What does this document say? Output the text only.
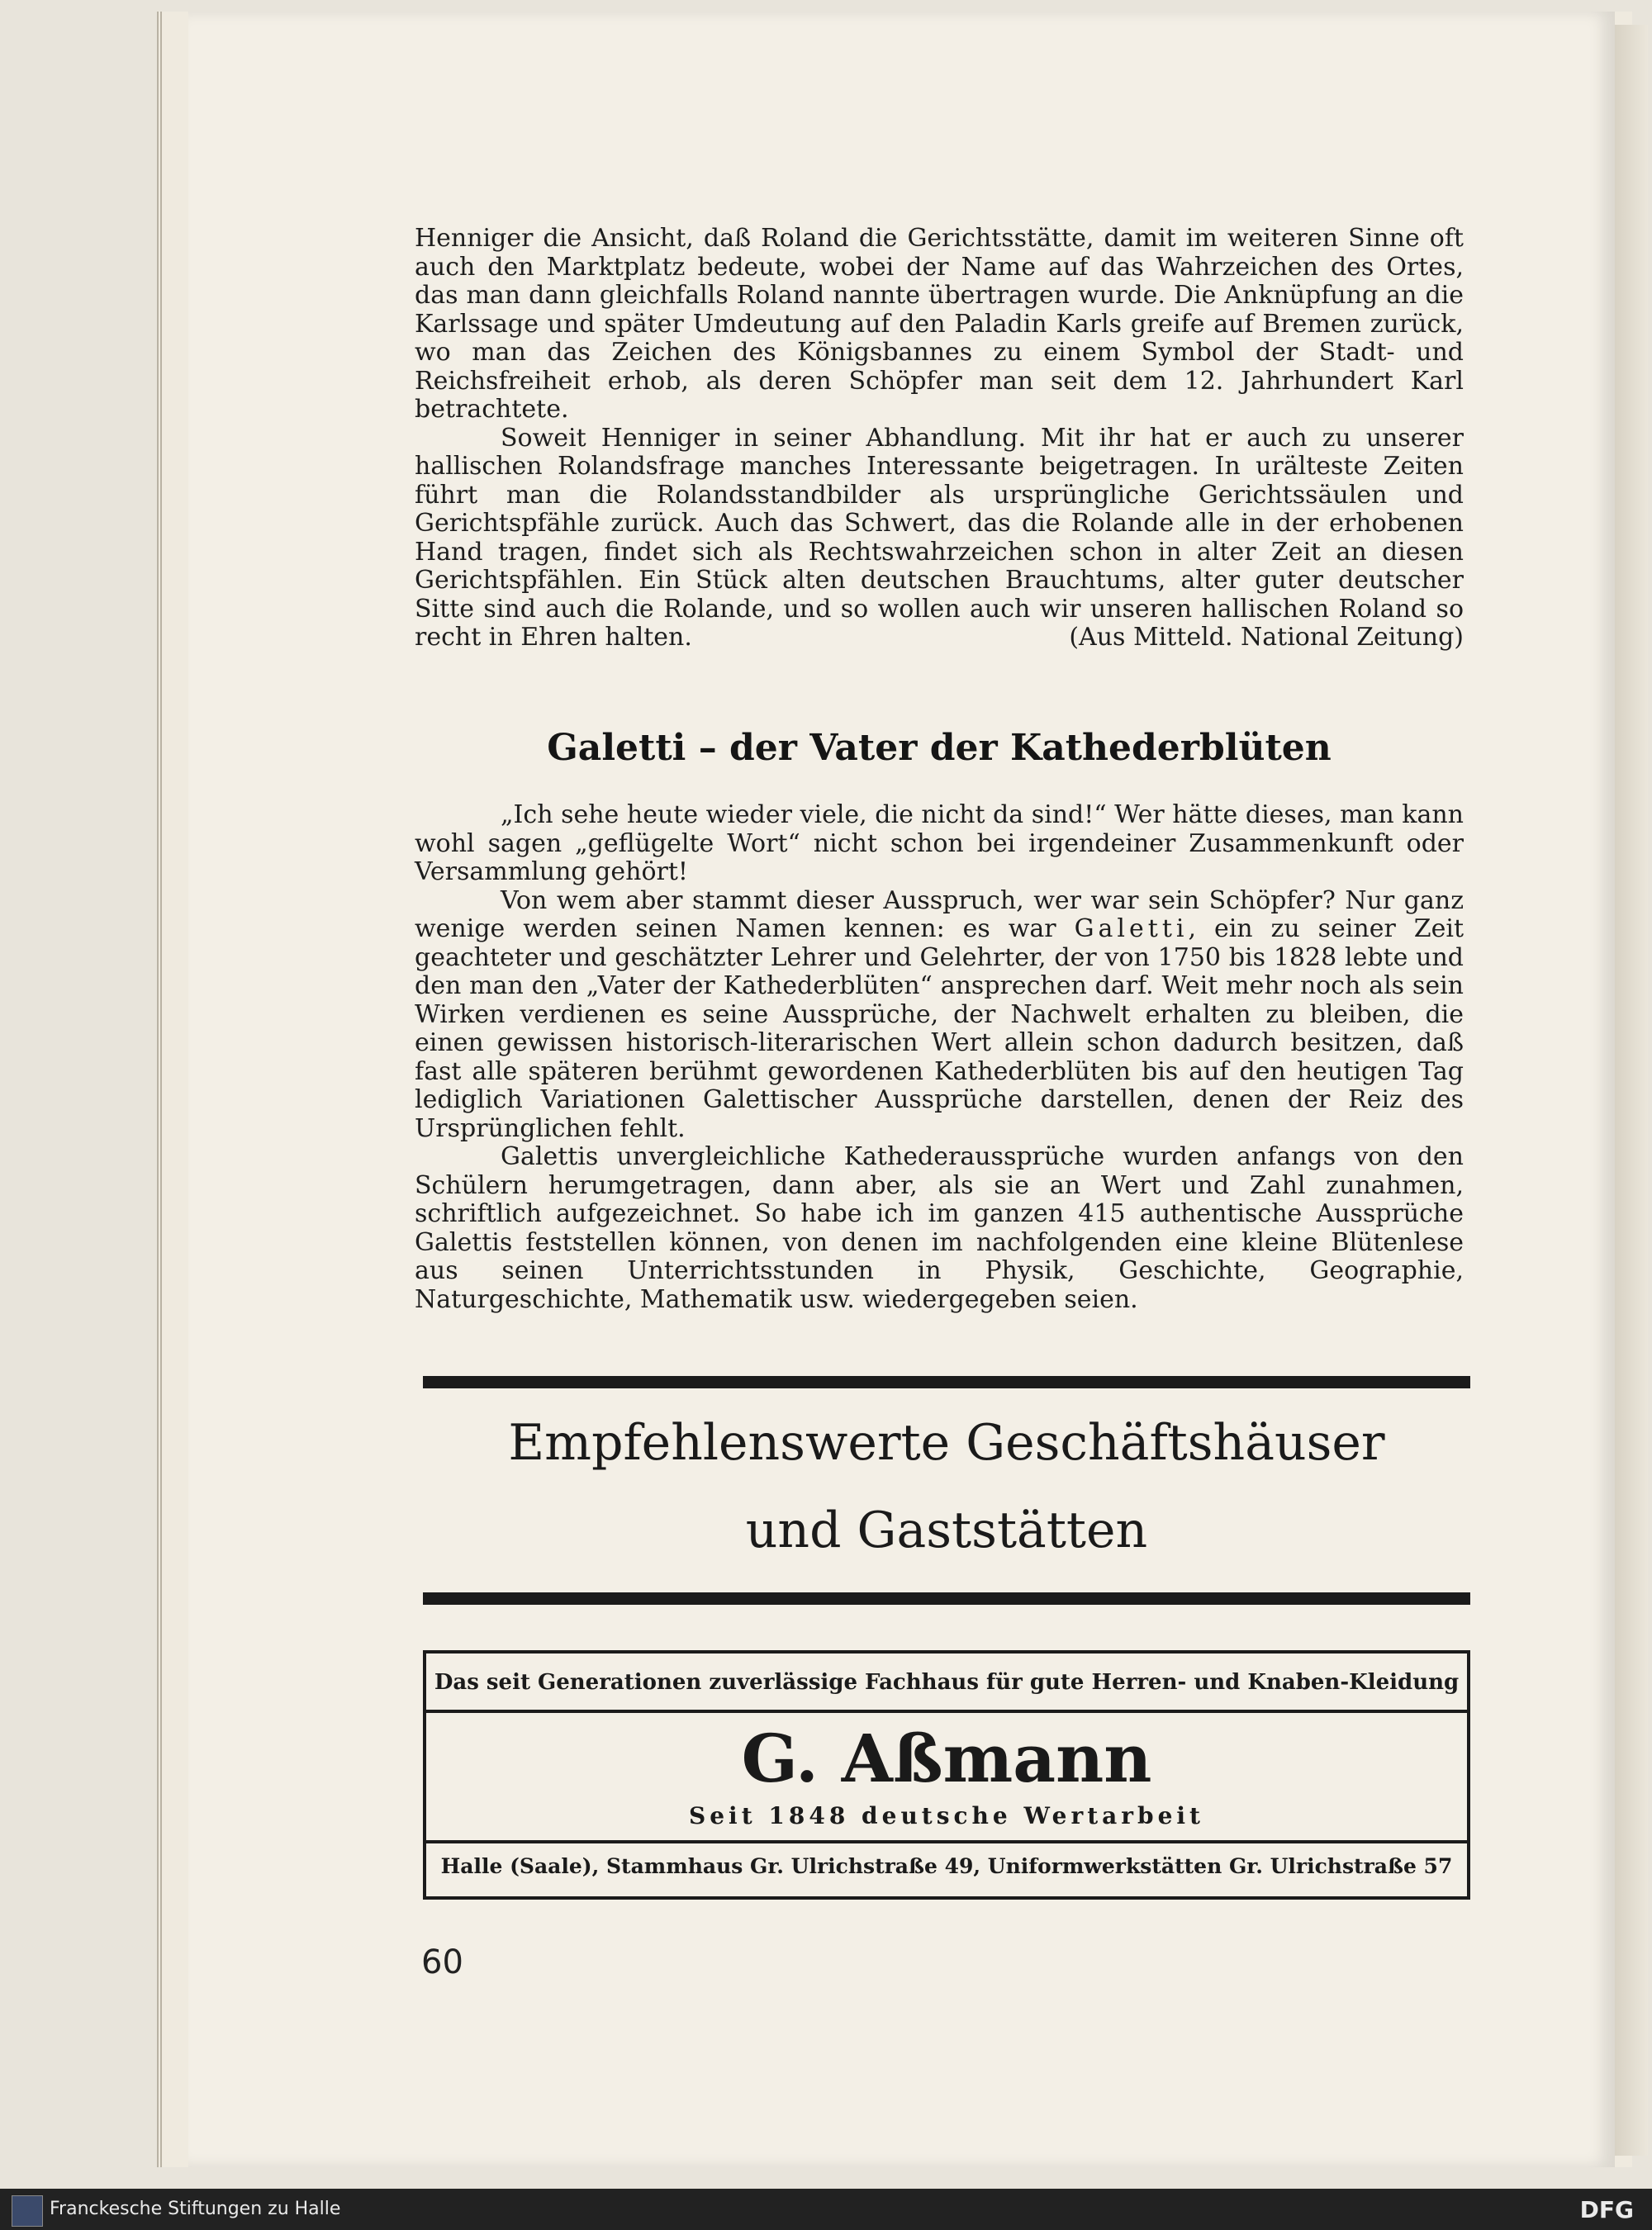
Henniger die Ansicht, daß Roland die Gerichtsstätte, damit im weiteren Sinne oft auch den Marktplatz bedeute, wobei der Name auf das Wahrzeichen des Ortes, das man dann gleichfalls Roland nannte übertragen wurde. Die Anknüpfung an die Karlssage und später Umdeutung auf den Paladin Karls greife auf Bremen zurück, wo man das Zeichen des Königsbannes zu einem Symbol der Stadt- und Reichsfreiheit erhob, als deren Schöpfer man seit dem 12. Jahrhundert Karl betrachtete.

Soweit Henniger in seiner Abhandlung. Mit ihr hat er auch zu unserer hallischen Rolandsfrage manches Interessante beigetragen. In urälteste Zeiten führt man die Rolandsstandbilder als ursprüngliche Gerichtssäulen und Gerichtspfähle zurück. Auch das Schwert, das die Rolande alle in der erhobenen Hand tragen, findet sich als Rechtswahrzeichen schon in alter Zeit an diesen Gerichtspfählen. Ein Stück alten deutschen Brauchtums, alter guter deutscher Sitte sind auch die Rolande, und so wollen auch wir unseren hallischen Roland so recht in Ehren halten.	(Aus Mitteld. National Zeitung)

Galetti – der Vater der Kathederblüten

„Ich sehe heute wieder viele, die nicht da sind!“ Wer hätte dieses, man kann wohl sagen „geflügelte Wort“ nicht schon bei irgendeiner Zusammenkunft oder Versammlung gehört!

Von wem aber stammt dieser Ausspruch, wer war sein Schöpfer? Nur ganz wenige werden seinen Namen kennen: es war Galetti, ein zu seiner Zeit geachteter und geschätzter Lehrer und Gelehrter, der von 1750 bis 1828 lebte und den man den „Vater der Kathederblüten“ ansprechen darf. Weit mehr noch als sein Wirken verdienen es seine Aussprüche, der Nachwelt erhalten zu bleiben, die einen gewissen historisch-literarischen Wert allein schon dadurch besitzen, daß fast alle späteren berühmt gewordenen Kathederblüten bis auf den heutigen Tag lediglich Variationen Galettischer Aussprüche darstellen, denen der Reiz des Ursprünglichen fehlt.

Galettis unvergleichliche Kathederaussprüche wurden anfangs von den Schülern herumgetragen, dann aber, als sie an Wert und Zahl zunahmen, schriftlich aufgezeichnet. So habe ich im ganzen 415 authentische Aussprüche Galettis feststellen können, von denen im nachfolgenden eine kleine Blütenlese aus seinen Unterrichtsstunden in Physik, Geschichte, Geographie, Naturgeschichte, Mathematik usw. wiedergegeben seien.

Empfehlenswerte Geschäftshäuser
und Gaststätten
Das seit Generationen zuverlässige Fachhaus für gute Herren- und Knaben-Kleidung
G. Aßmann
Seit 1848 deutsche Wertarbeit
Halle (Saale), Stammhaus Gr. Ulrichstraße 49, Uniformwerkstätten Gr. Ulrichstraße 57
60
Franckesche Stiftungen zu Halle	DFG
